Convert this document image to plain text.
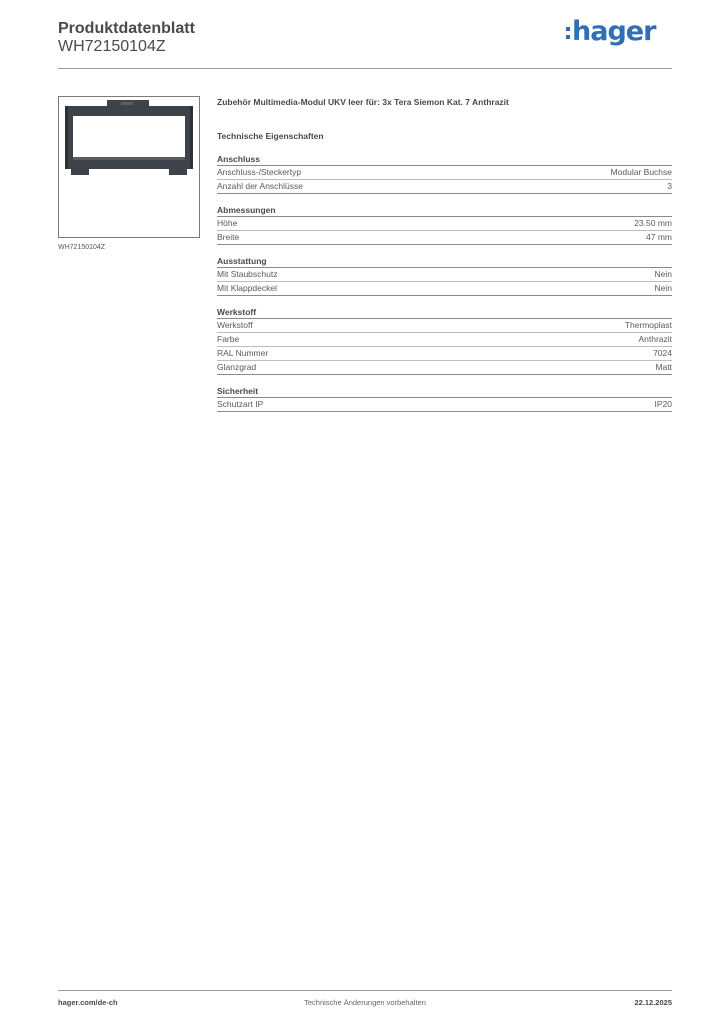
Produktdatenblatt
WH72150104Z	hager
WH72150104Z
Zubehör Multimedia-Modul UKV leer für: 3x Tera Siemon Kat. 7 Anthrazit
Technische Eigenschaften
Anschluss
Anschluss-/Steckertyp	Modular Buchse
Anzahl der Anschlüsse	3
Abmessungen
Höhe	23.50 mm
Breite	47 mm
Ausstattung
Mit Staubschutz	Nein
Mit Klappdeckel	Nein
Werkstoff
Werkstoff	Thermoplast
Farbe	Anthrazit
RAL Nummer	7024
Glanzgrad	Matt
Sicherheit
Schutzart IP	IP20
hager.com/de-ch	Technische Änderungen vorbehalten	22.12.2025
